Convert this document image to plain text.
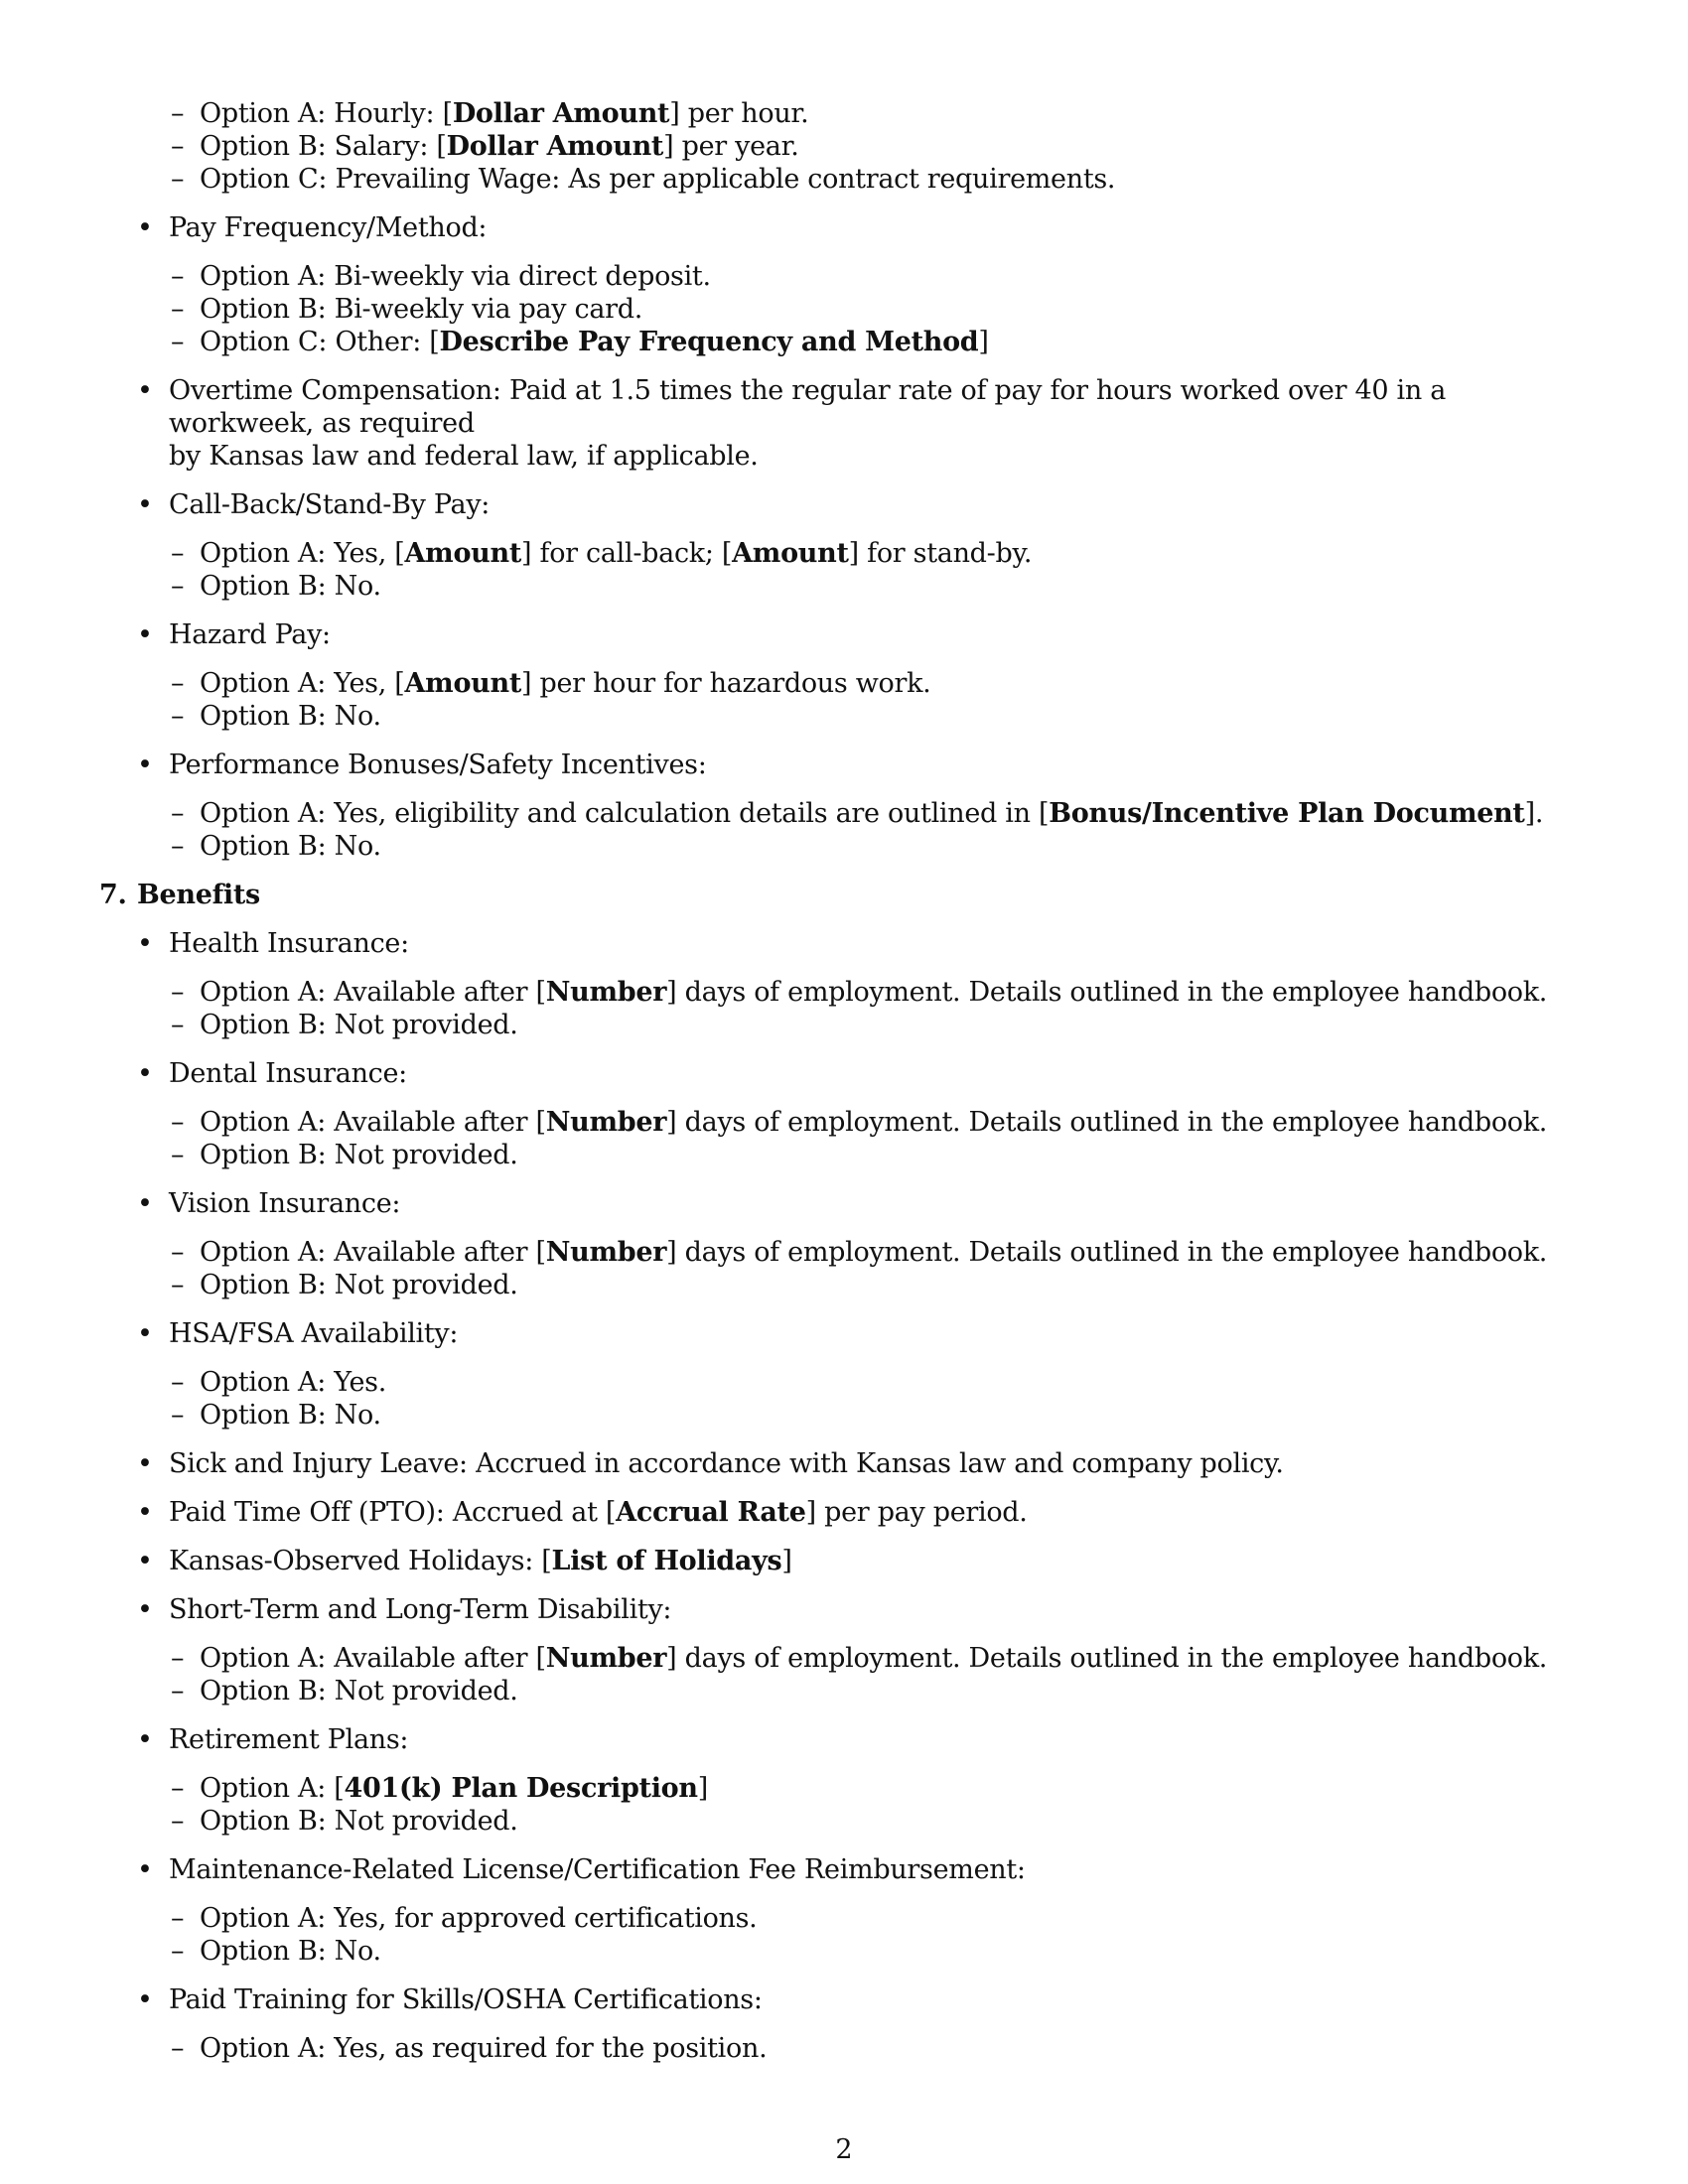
– Option A: Hourly: [Dollar Amount] per hour.
– Option B: Salary: [Dollar Amount] per year.
– Option C: Prevailing Wage: As per applicable contract requirements.
• Pay Frequency/Method:
– Option A: Bi-weekly via direct deposit.
– Option B: Bi-weekly via pay card.
– Option C: Other: [Describe Pay Frequency and Method]
• Overtime Compensation: Paid at 1.5 times the regular rate of pay for hours worked over 40 in a workweek, as required
by Kansas law and federal law, if applicable.
• Call-Back/Stand-By Pay:
– Option A: Yes, [Amount] for call-back; [Amount] for stand-by.
– Option B: No.
• Hazard Pay:
– Option A: Yes, [Amount] per hour for hazardous work.
– Option B: No.
• Performance Bonuses/Safety Incentives:
– Option A: Yes, eligibility and calculation details are outlined in [Bonus/Incentive Plan Document].
– Option B: No.
7. Benefits
• Health Insurance:
– Option A: Available after [Number] days of employment. Details outlined in the employee handbook.
– Option B: Not provided.
• Dental Insurance:
– Option A: Available after [Number] days of employment. Details outlined in the employee handbook.
– Option B: Not provided.
• Vision Insurance:
– Option A: Available after [Number] days of employment. Details outlined in the employee handbook.
– Option B: Not provided.
• HSA/FSA Availability:
– Option A: Yes.
– Option B: No.
• Sick and Injury Leave: Accrued in accordance with Kansas law and company policy.
• Paid Time Off (PTO): Accrued at [Accrual Rate] per pay period.
• Kansas-Observed Holidays: [List of Holidays]
• Short-Term and Long-Term Disability:
– Option A: Available after [Number] days of employment. Details outlined in the employee handbook.
– Option B: Not provided.
• Retirement Plans:
– Option A: [401(k) Plan Description]
– Option B: Not provided.
• Maintenance-Related License/Certification Fee Reimbursement:
– Option A: Yes, for approved certifications.
– Option B: No.
• Paid Training for Skills/OSHA Certifications:
– Option A: Yes, as required for the position.
2
